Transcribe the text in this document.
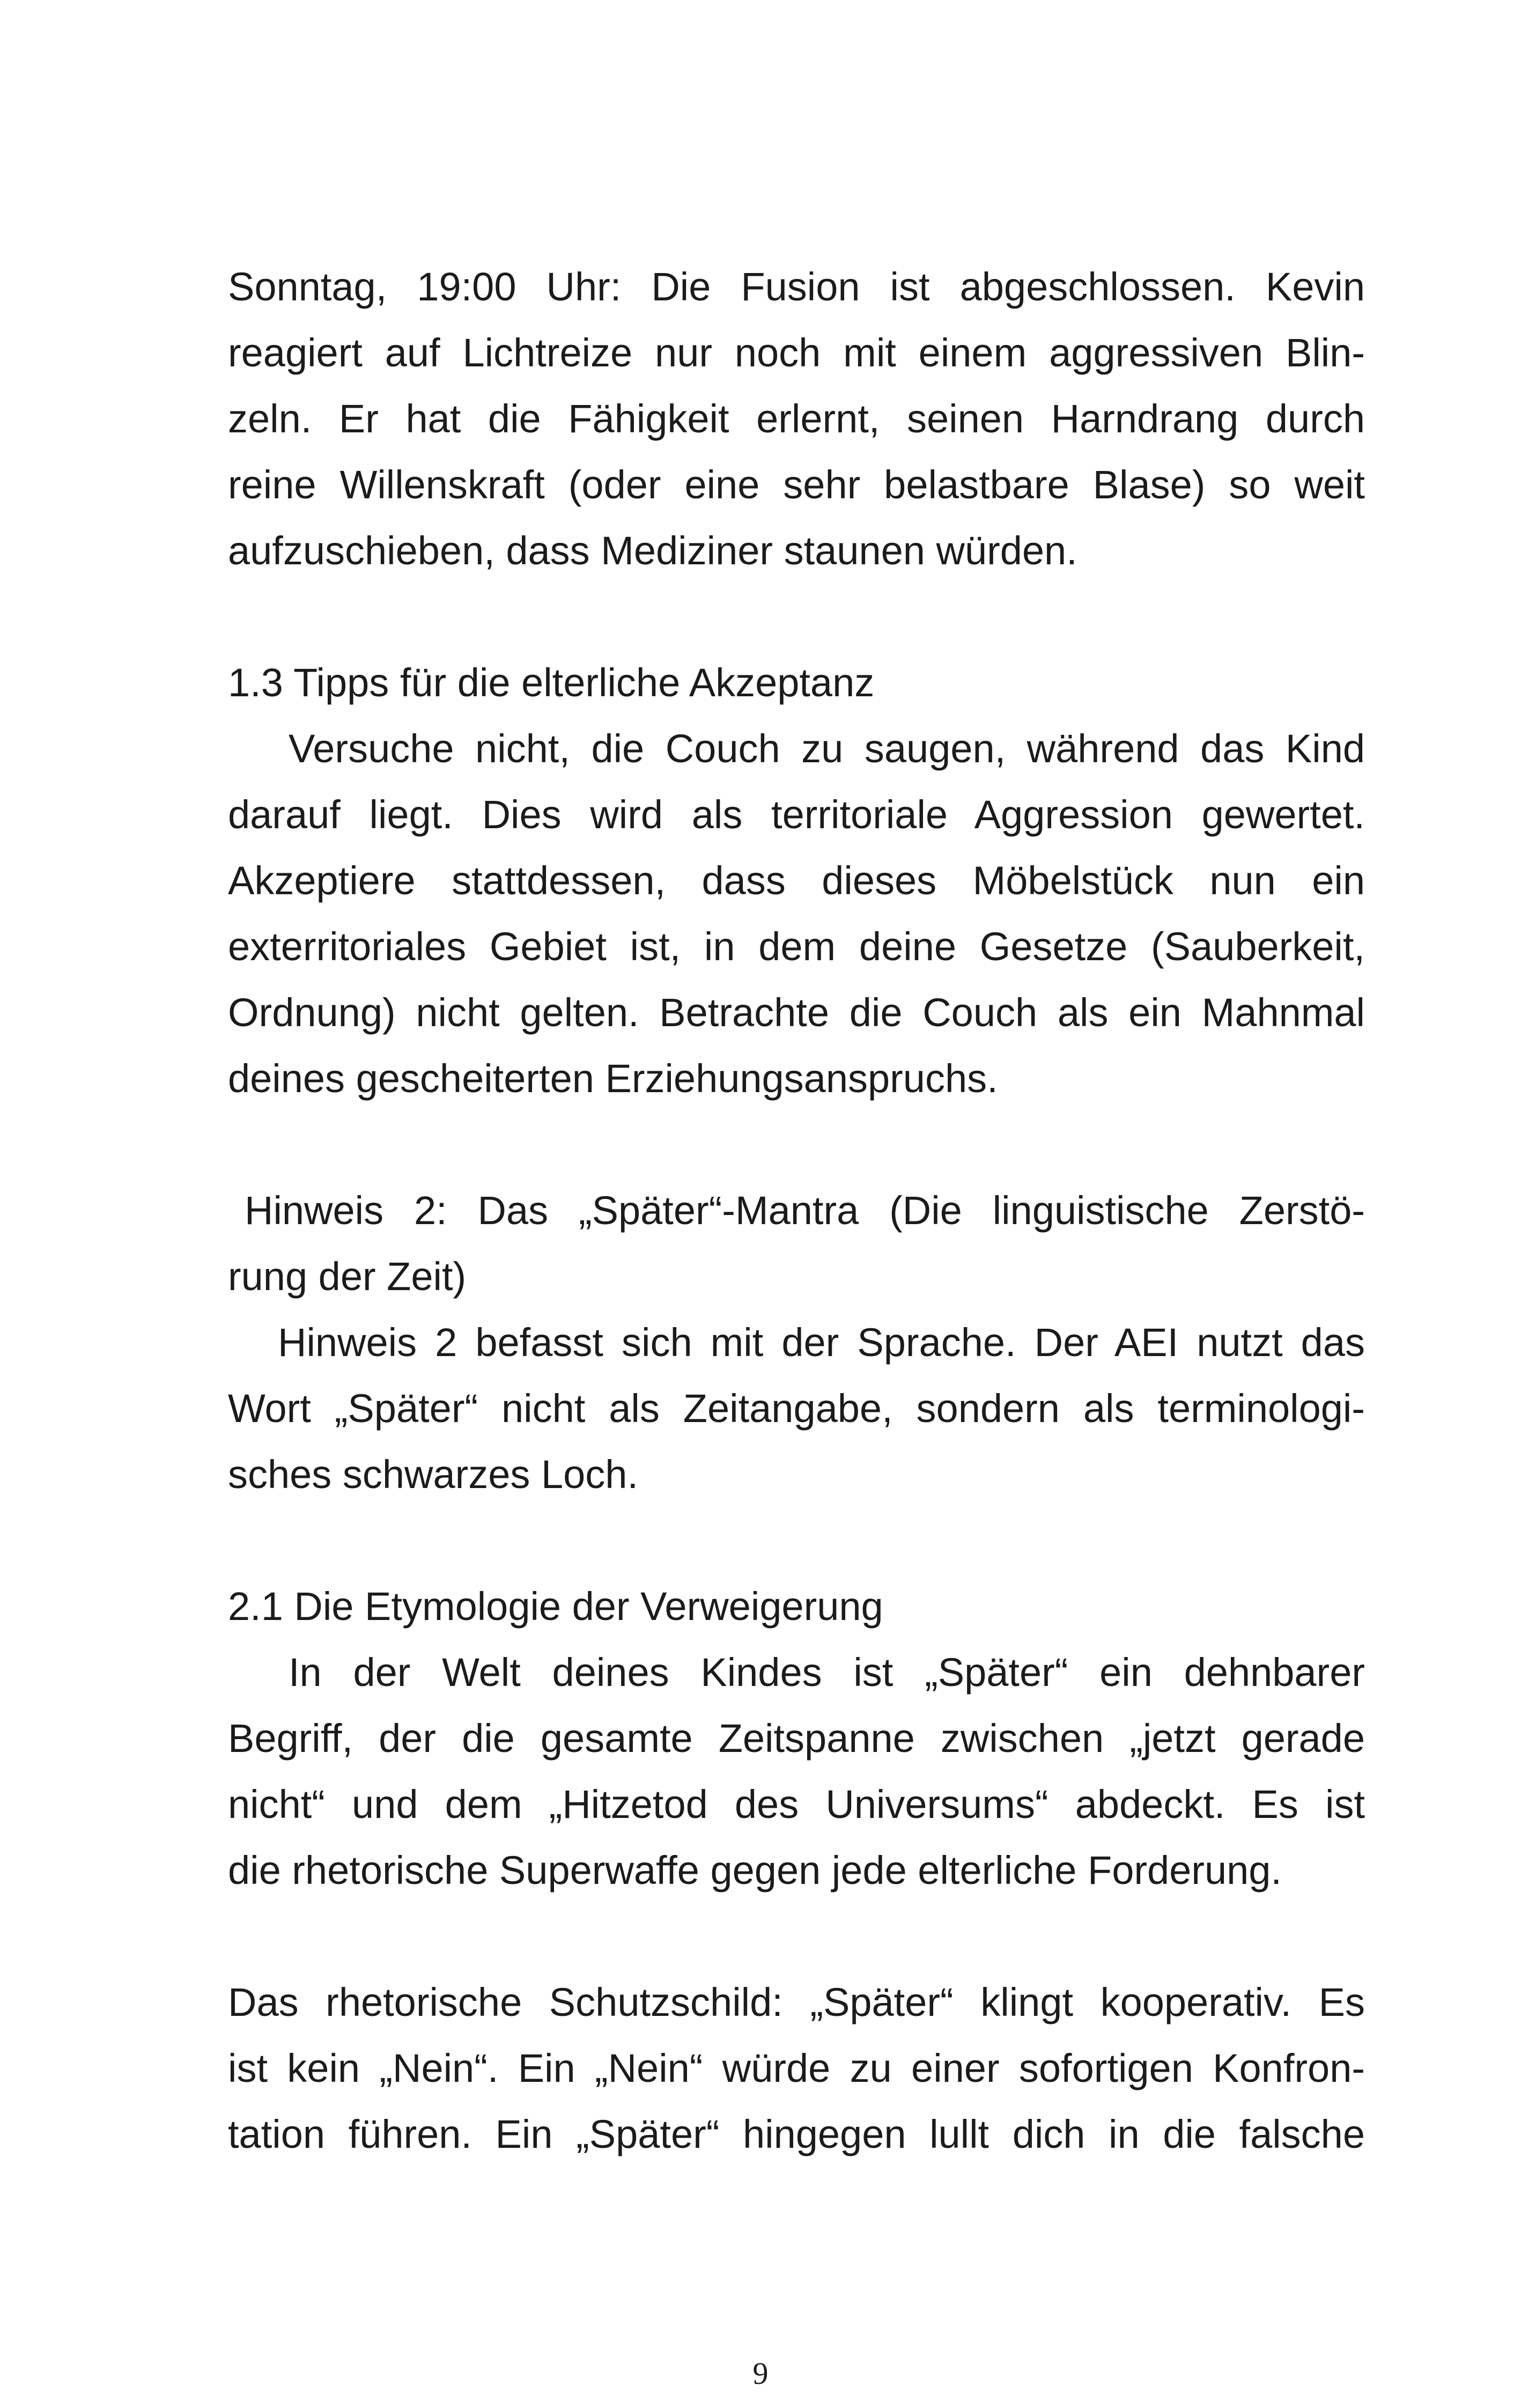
Sonntag, 19:00 Uhr: Die Fusion ist abgeschlossen. Kevin
reagiert auf Lichtreize nur noch mit einem aggressiven Blin-
zeln. Er hat die Fähigkeit erlernt, seinen Harndrang durch
reine Willenskraft (oder eine sehr belastbare Blase) so weit
aufzuschieben, dass Mediziner staunen würden.
1.3 Tipps für die elterliche Akzeptanz
Versuche nicht, die Couch zu saugen, während das Kind
darauf liegt. Dies wird als territoriale Aggression gewertet.
Akzeptiere stattdessen, dass dieses Möbelstück nun ein
exterritoriales Gebiet ist, in dem deine Gesetze (Sauberkeit,
Ordnung) nicht gelten. Betrachte die Couch als ein Mahnmal
deines gescheiterten Erziehungsanspruchs.
Hinweis 2: Das „Später“-Mantra (Die linguistische Zerstö-
rung der Zeit)
Hinweis 2 befasst sich mit der Sprache. Der AEI nutzt das
Wort „Später“ nicht als Zeitangabe, sondern als terminologi-
sches schwarzes Loch.
2.1 Die Etymologie der Verweigerung
In der Welt deines Kindes ist „Später“ ein dehnbarer
Begriff, der die gesamte Zeitspanne zwischen „jetzt gerade
nicht“ und dem „Hitzetod des Universums“ abdeckt. Es ist
die rhetorische Superwaffe gegen jede elterliche Forderung.
Das rhetorische Schutzschild: „Später“ klingt kooperativ. Es
ist kein „Nein“. Ein „Nein“ würde zu einer sofortigen Konfron-
tation führen. Ein „Später“ hingegen lullt dich in die falsche
9
